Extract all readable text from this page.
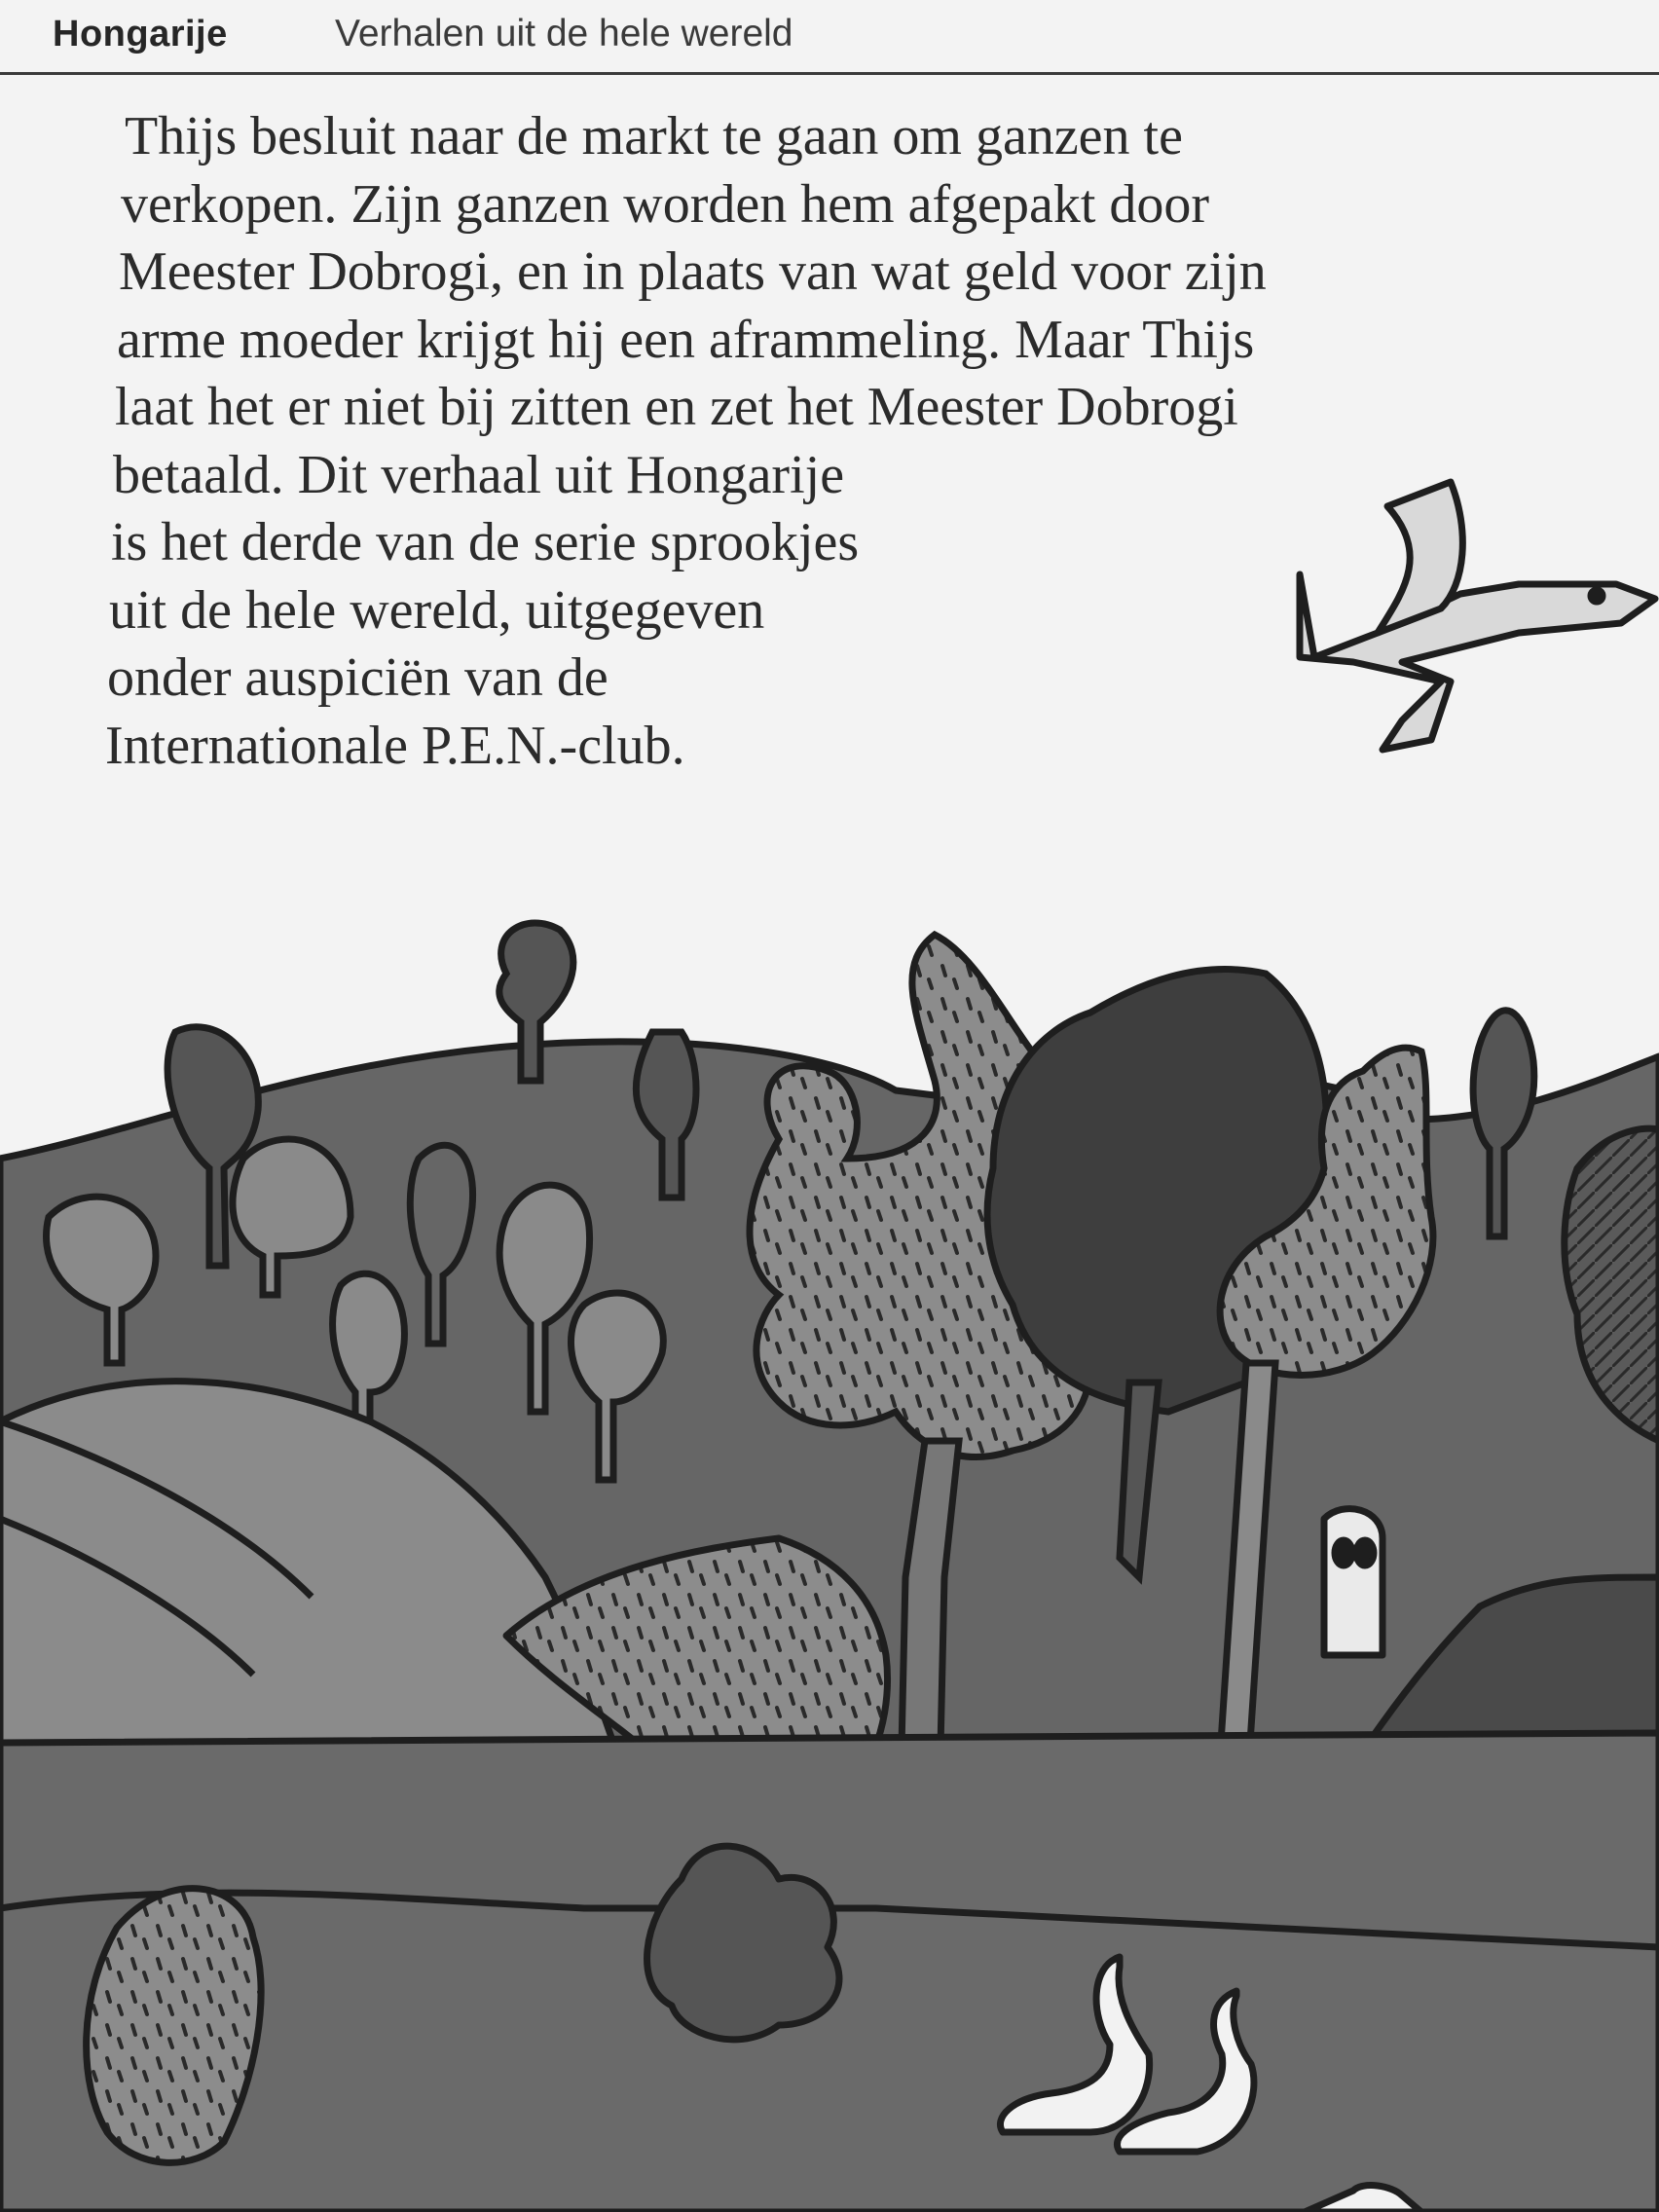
Hongarije	Verhalen uit de hele wereld

Thijs besluit naar de markt te gaan om ganzen te
verkopen. Zijn ganzen worden hem afgepakt door
Meester Dobrogi, en in plaats van wat geld voor zijn
arme moeder krijgt hij een aframmeling. Maar Thijs
laat het er niet bij zitten en zet het Meester Dobrogi
betaald. Dit verhaal uit Hongarije
is het derde van de serie sprookjes
uit de hele wereld, uitgegeven
onder auspiciën van de
Internationale P.E.N.-club.
